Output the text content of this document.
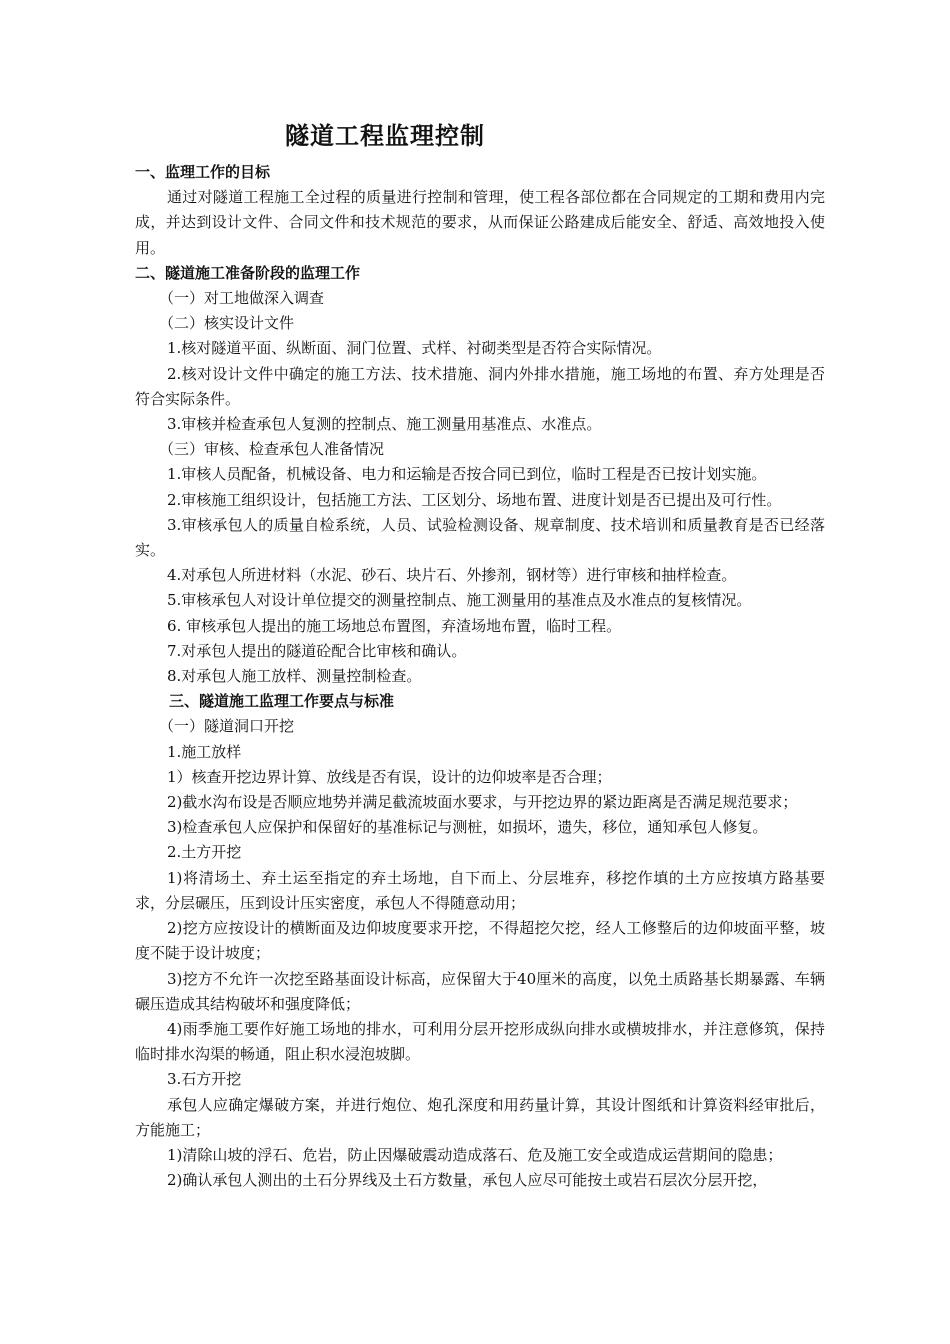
隧道工程监理控制

一、监理工作的目标

通过对隧道工程施工全过程的质量进行控制和管理，使工程各部位都在合同规定的工期和费用内完成，并达到设计文件、合同文件和技术规范的要求，从而保证公路建成后能安全、舒适、高效地投入使用。

二、隧道施工准备阶段的监理工作

（一）对工地做深入调查

（二）核实设计文件

1.核对隧道平面、纵断面、洞门位置、式样、衬砌类型是否符合实际情况。

2.核对设计文件中确定的施工方法、技术措施、洞内外排水措施，施工场地的布置、弃方处理是否符合实际条件。

3.审核并检查承包人复测的控制点、施工测量用基准点、水准点。

（三）审核、检查承包人准备情况

1.审核人员配备，机械设备、电力和运输是否按合同已到位，临时工程是否已按计划实施。

2.审核施工组织设计，包括施工方法、工区划分、场地布置、进度计划是否已提出及可行性。

3.审核承包人的质量自检系统，人员、试验检测设备、规章制度、技术培训和质量教育是否已经落实。

4.对承包人所进材料（水泥、砂石、块片石、外掺剂，钢材等）进行审核和抽样检查。

5.审核承包人对设计单位提交的测量控制点、施工测量用的基准点及水准点的复核情况。

6. 审核承包人提出的施工场地总布置图，弃渣场地布置，临时工程。

7.对承包人提出的隧道砼配合比审核和确认。

8.对承包人施工放样、测量控制检查。

三、隧道施工监理工作要点与标准

（一）隧道洞口开挖

1.施工放样

1）核查开挖边界计算、放线是否有误，设计的边仰坡率是否合理；

2)截水沟布设是否顺应地势并满足截流坡面水要求，与开挖边界的紧边距离是否满足规范要求；

3)检查承包人应保护和保留好的基准标记与测桩，如损坏，遗失，移位，通知承包人修复。

2.土方开挖

1)将清场土、弃土运至指定的弃土场地，自下而上、分层堆弃，移挖作填的土方应按填方路基要求，分层碾压，压到设计压实密度，承包人不得随意动用；

2)挖方应按设计的横断面及边仰坡度要求开挖，不得超挖欠挖，经人工修整后的边仰坡面平整，坡度不陡于设计坡度；

3)挖方不允许一次挖至路基面设计标高，应保留大于40厘米的高度，以免土质路基长期暴露、车辆碾压造成其结构破坏和强度降低；

4)雨季施工要作好施工场地的排水，可利用分层开挖形成纵向排水或横坡排水，并注意修筑，保持临时排水沟渠的畅通，阻止积水浸泡坡脚。

3.石方开挖

承包人应确定爆破方案，并进行炮位、炮孔深度和用药量计算，其设计图纸和计算资料经审批后，方能施工；

1)清除山坡的浮石、危岩，防止因爆破震动造成落石、危及施工安全或造成运营期间的隐患；

2)确认承包人测出的土石分界线及土石方数量，承包人应尽可能按土或岩石层次分层开挖，
